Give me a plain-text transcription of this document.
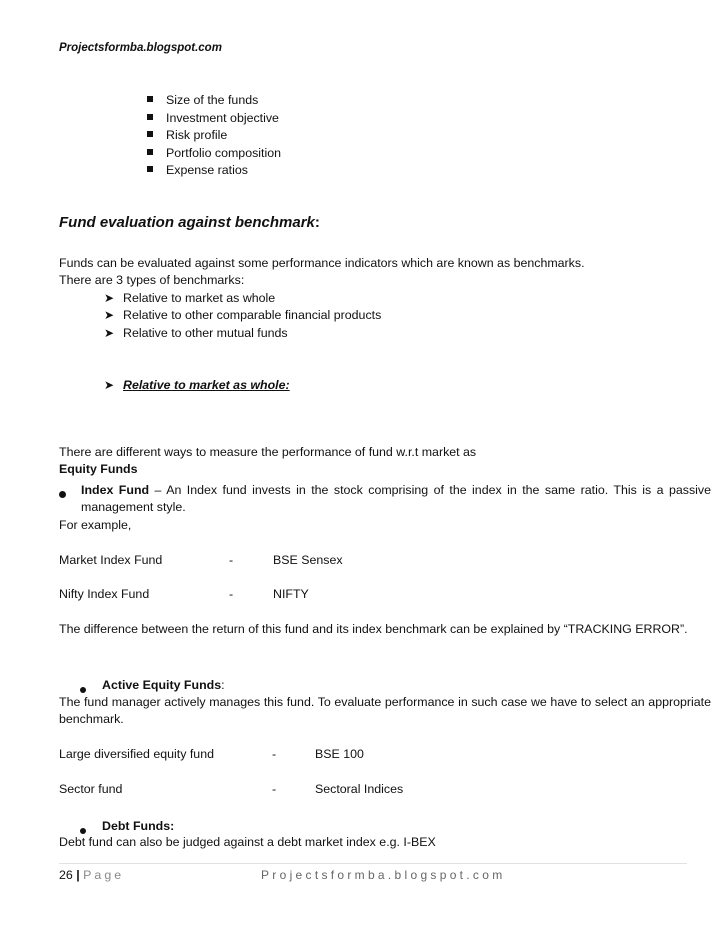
Projectsformba.blogspot.com
Size of the funds
Investment objective
Risk profile
Portfolio composition
Expense ratios
Fund evaluation against benchmark:
Funds can be evaluated against some performance indicators which are known as benchmarks.
There are 3 types of benchmarks:
➤ Relative to market as whole
➤ Relative to other comparable financial products
➤ Relative to other mutual funds
➤ Relative to market as whole:
There are different ways to measure the performance of fund w.r.t market as
Equity Funds
Index Fund – An Index fund invests in the stock comprising of the index in the same ratio. This is a passive management style.
For example,
Market Index Fund	-	BSE Sensex
Nifty Index Fund	-	NIFTY
The difference between the return of this fund and its index benchmark can be explained by “TRACKING ERROR”.
Active Equity Funds:
The fund manager actively manages this fund. To evaluate performance in such case we have to select an appropriate benchmark.
Large diversified equity fund	-	BSE 100
Sector fund	-	Sectoral Indices
Debt Funds:
Debt fund can also be judged against a debt market index e.g. I-BEX
26 | Page	Projectsformba.blogspot.com
